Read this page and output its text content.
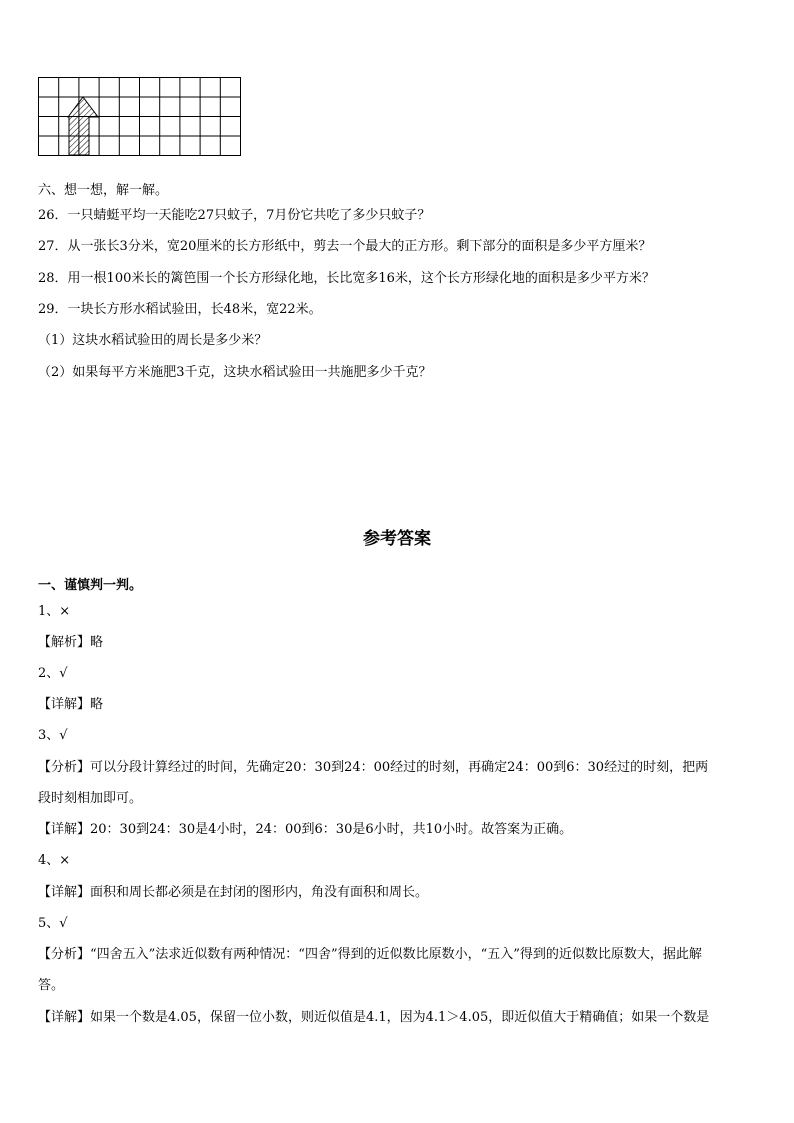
六、想一想，解一解。
26．一只蜻蜓平均一天能吃27只蚊子，7月份它共吃了多少只蚊子？
27．从一张长3分米，宽20厘米的长方形纸中，剪去一个最大的正方形。剩下部分的面积是多少平方厘米？
28．用一根100米长的篱笆围一个长方形绿化地，长比宽多16米，这个长方形绿化地的面积是多少平方米？
29．一块长方形水稻试验田，长48米，宽22米。
（1）这块水稻试验田的周长是多少米？
（2）如果每平方米施肥3千克，这块水稻试验田一共施肥多少千克？
参考答案
一、谨慎判一判。
1、×
【解析】略
2、√
【详解】略
3、√
【分析】可以分段计算经过的时间，先确定20：30到24：00经过的时刻，再确定24：00到6：30经过的时刻，把两
段时刻相加即可。
【详解】20：30到24：30是4小时，24：00到6：30是6小时，共10小时。故答案为正确。
4、×
【详解】面积和周长都必须是在封闭的图形内，角没有面积和周长。
5、√
【分析】“四舍五入”法求近似数有两种情况：“四舍”得到的近似数比原数小，“五入”得到的近似数比原数大，据此解
答。
【详解】如果一个数是4.05，保留一位小数，则近似值是4.1，因为4.1＞4.05，即近似值大于精确值；如果一个数是
